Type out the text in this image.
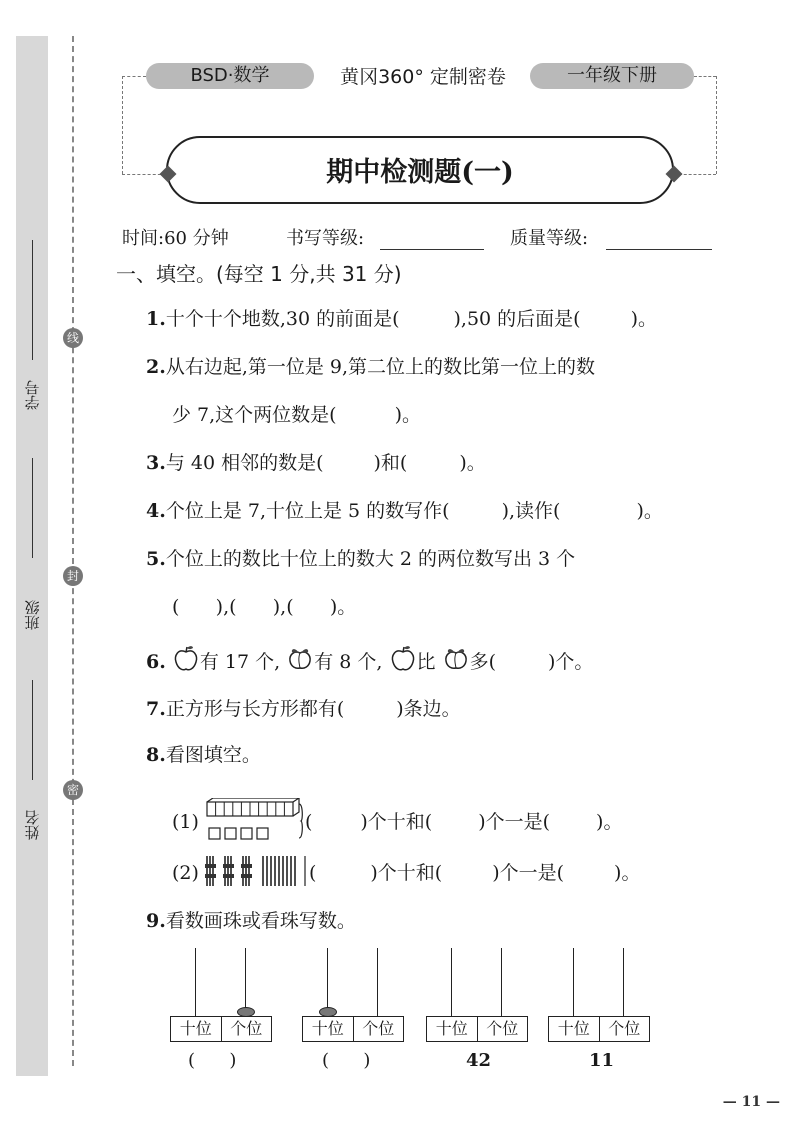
学号
班级
姓名
线
封
密
BSD·数学	黄冈360° 定制密卷	一年级下册
期中检测题(一)
时间:60 分钟	书写等级:	质量等级:
一、填空。(每空 1 分,共 31 分)
1.十个十个地数,30 的前面是(	),50 的后面是(	)。
2.从右边起,第一位是 9,第二位上的数比第一位上的数
少 7,这个两位数是(	)。
3.与 40 相邻的数是(	)和(	)。
4.个位上是 7,十位上是 5 的数写作(	),读作(	)。
5.个位上的数比十位上的数大 2 的两位数写出 3 个
(      ),(      ),(      )。
6. 有 17 个, 有 8 个, 比 多(	)个。
7.正方形与长方形都有(	)条边。
8.看图填空。
(1)	(	)个十和( )个一是( )。
(2)	(	)个十和(	)个一是(	)。
9.看数画珠或看珠写数。
十位	个位	十位	个位	十位	个位	十位	个位
(      )	(      )	42	11
— 11 —
